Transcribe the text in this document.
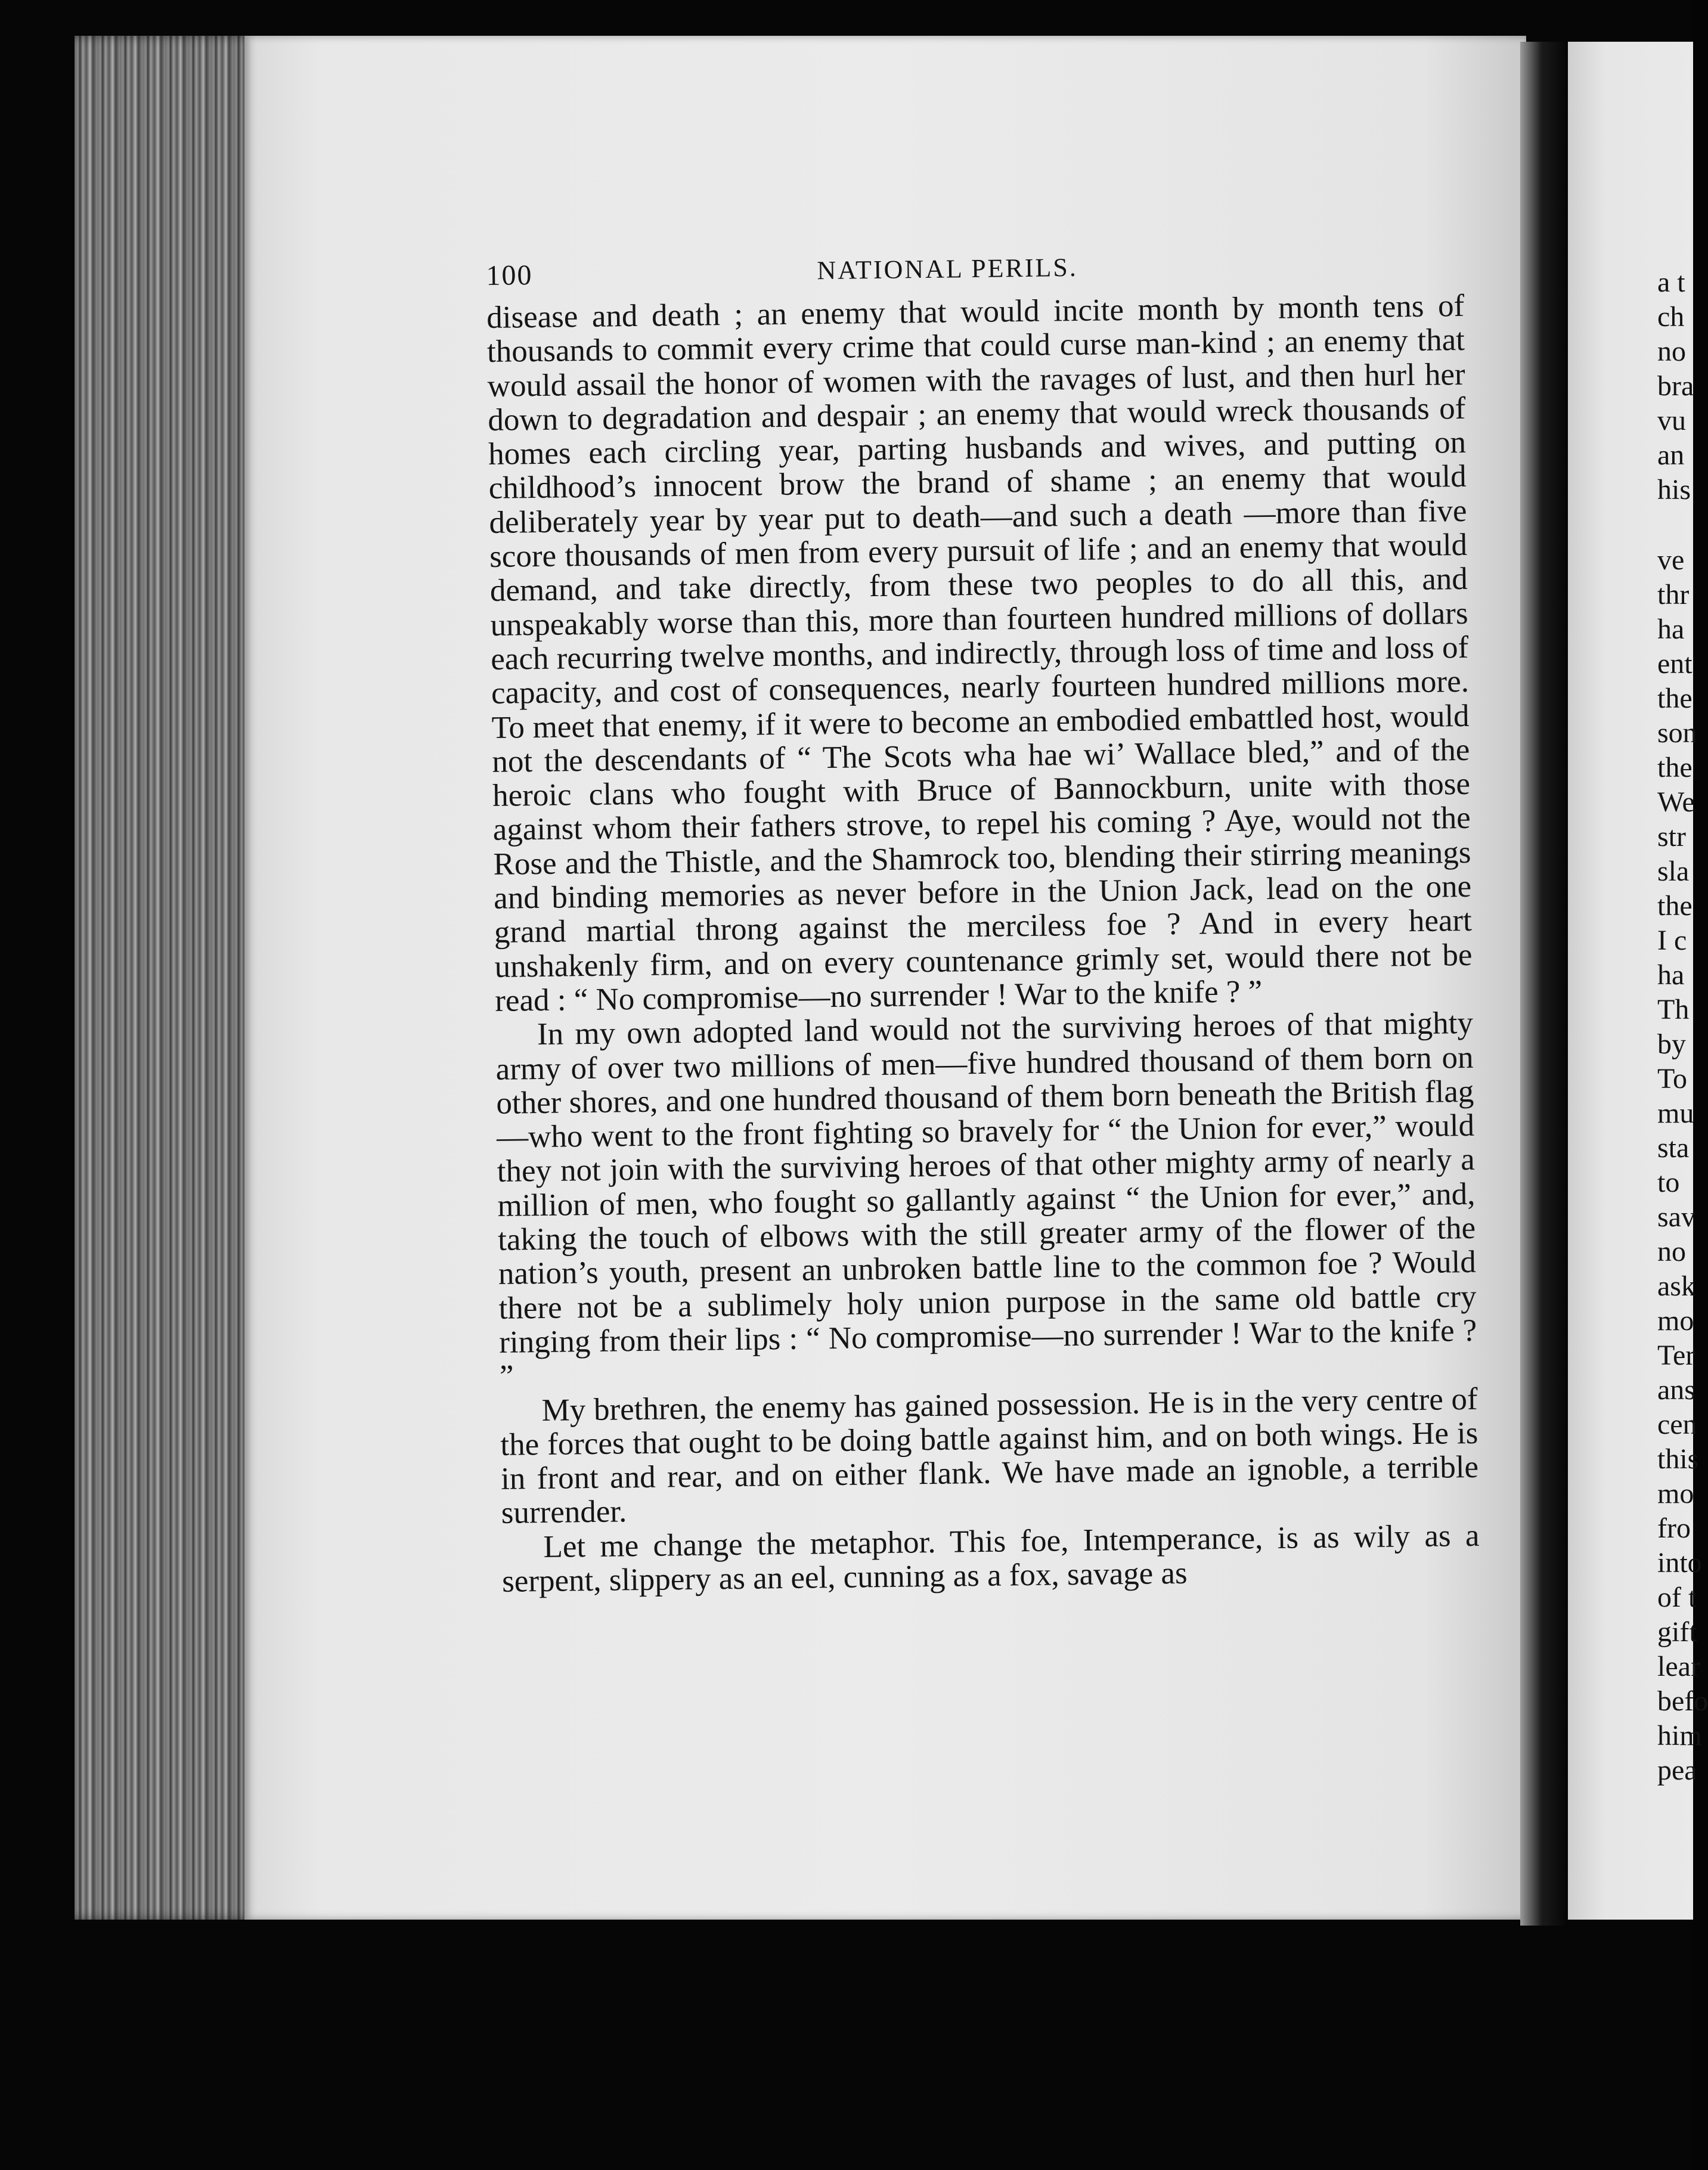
100	NATIONAL PERILS.

disease and death ; an enemy that would incite month by month tens of thousands to commit every crime that could curse man-kind ; an enemy that would assail the honor of women with the ravages of lust, and then hurl her down to degradation and despair ; an enemy that would wreck thousands of homes each circling year, parting husbands and wives, and putting on childhood’s innocent brow the brand of shame ; an enemy that would deliberately year by year put to death—and such a death —more than five score thousands of men from every pursuit of life ; and an enemy that would demand, and take directly, from these two peoples to do all this, and unspeakably worse than this, more than fourteen hundred millions of dollars each recurring twelve months, and indirectly, through loss of time and loss of capacity, and cost of consequences, nearly fourteen hundred millions more. To meet that enemy, if it were to become an embodied embattled host, would not the descendants of “ The Scots wha hae wi’ Wallace bled,” and of the heroic clans who fought with Bruce of Bannockburn, unite with those against whom their fathers strove, to repel his coming ? Aye, would not the Rose and the Thistle, and the Shamrock too, blending their stirring meanings and binding memories as never before in the Union Jack, lead on the one grand martial throng against the merciless foe ? And in every heart unshakenly firm, and on every countenance grimly set, would there not be read : “ No compromise—no surrender ! War to the knife ? ”

In my own adopted land would not the surviving heroes of that mighty army of over two millions of men—five hundred thousand of them born on other shores, and one hundred thousand of them born beneath the British flag—who went to the front fighting so bravely for “ the Union for ever,” would they not join with the surviving heroes of that other mighty army of nearly a million of men, who fought so gallantly against “ the Union for ever,” and, taking the touch of elbows with the still greater army of the flower of the nation’s youth, present an unbroken battle line to the common foe ? Would there not be a sublimely holy union purpose in the same old battle cry ringing from their lips : “ No compromise—no surrender ! War to the knife ? ”

My brethren, the enemy has gained possession. He is in the very centre of the forces that ought to be doing battle against him, and on both wings. He is in front and rear, and on either flank. We have made an ignoble, a terrible surrender.

Let me change the metaphor. This foe, Intemperance, is as wily as a serpent, slippery as an eel, cunning as a fox, savage as

a t
ch
no
bra
vu
an
his
ve
thr
ha
ent
the
son
the
We
str
sla
the
I c
ha
Th
by
To
mu
sta
to
sav
no
ask
mo
Ter
ans
cen
this
mo
fro
into
of t
gift
lear
befo
him
pea
